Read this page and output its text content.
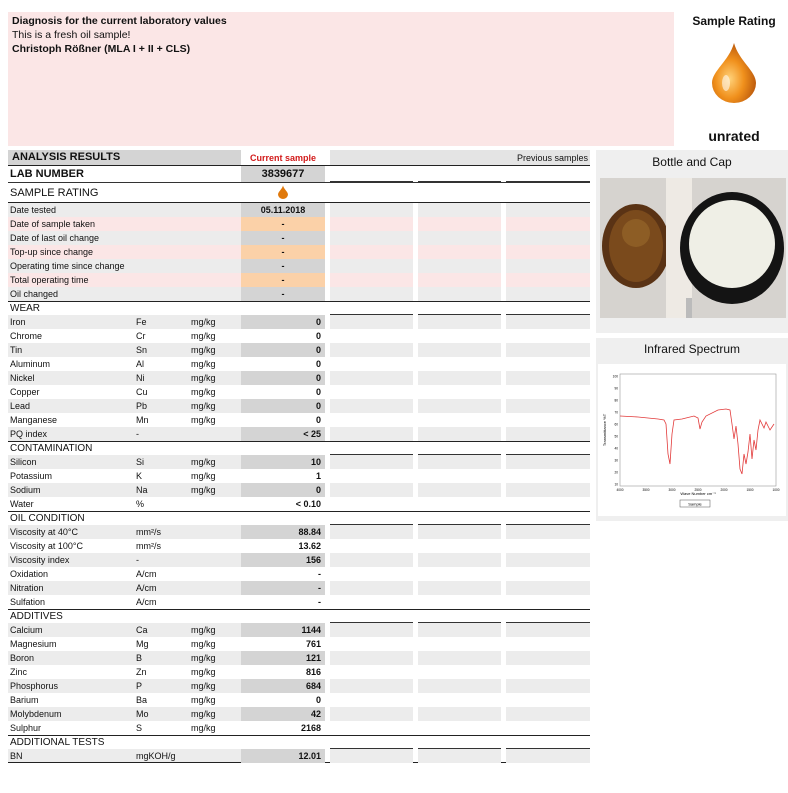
Diagnosis for the current laboratory values
This is a fresh oil sample!
Christoph Rößner (MLA I + II + CLS)
Sample Rating
unrated
ANALYSIS RESULTS	Current sample	Previous samples
LAB NUMBER	3839677
SAMPLE RATING
Date tested	05.11.2018
Date of sample taken	-
Date of last oil change	-
Top-up since change	-
Operating time since change	-
Total operating time	-
Oil changed	-
WEAR
Iron	Fe	mg/kg	0
Chrome	Cr	mg/kg	0
Tin	Sn	mg/kg	0
Aluminum	Al	mg/kg	0
Nickel	Ni	mg/kg	0
Copper	Cu	mg/kg	0
Lead	Pb	mg/kg	0
Manganese	Mn	mg/kg	0
PQ index	-	< 25
CONTAMINATION
Silicon	Si	mg/kg	10
Potassium	K	mg/kg	1
Sodium	Na	mg/kg	0
Water	%	< 0.10
OIL CONDITION
Viscosity at 40°C	mm²/s	88.84
Viscosity at 100°C	mm²/s	13.62
Viscosity index	-	156
Oxidation	A/cm	-
Nitration	A/cm	-
Sulfation	A/cm	-
ADDITIVES
Calcium	Ca	mg/kg	1144
Magnesium	Mg	mg/kg	761
Boron	B	mg/kg	121
Zinc	Zn	mg/kg	816
Phosphorus	P	mg/kg	684
Barium	Ba	mg/kg	0
Molybdenum	Mo	mg/kg	42
Sulphur	S	mg/kg	2168
ADDITIONAL TESTS
BN	mgKOH/g	12.01
Bottle and Cap
Infrared Spectrum
100
90
80
70
60
50
40
30
20
10
4000	3500	3000	2500	2000	1500	1000
Sample
Wave Number cm⁻¹
Transmittance %T
